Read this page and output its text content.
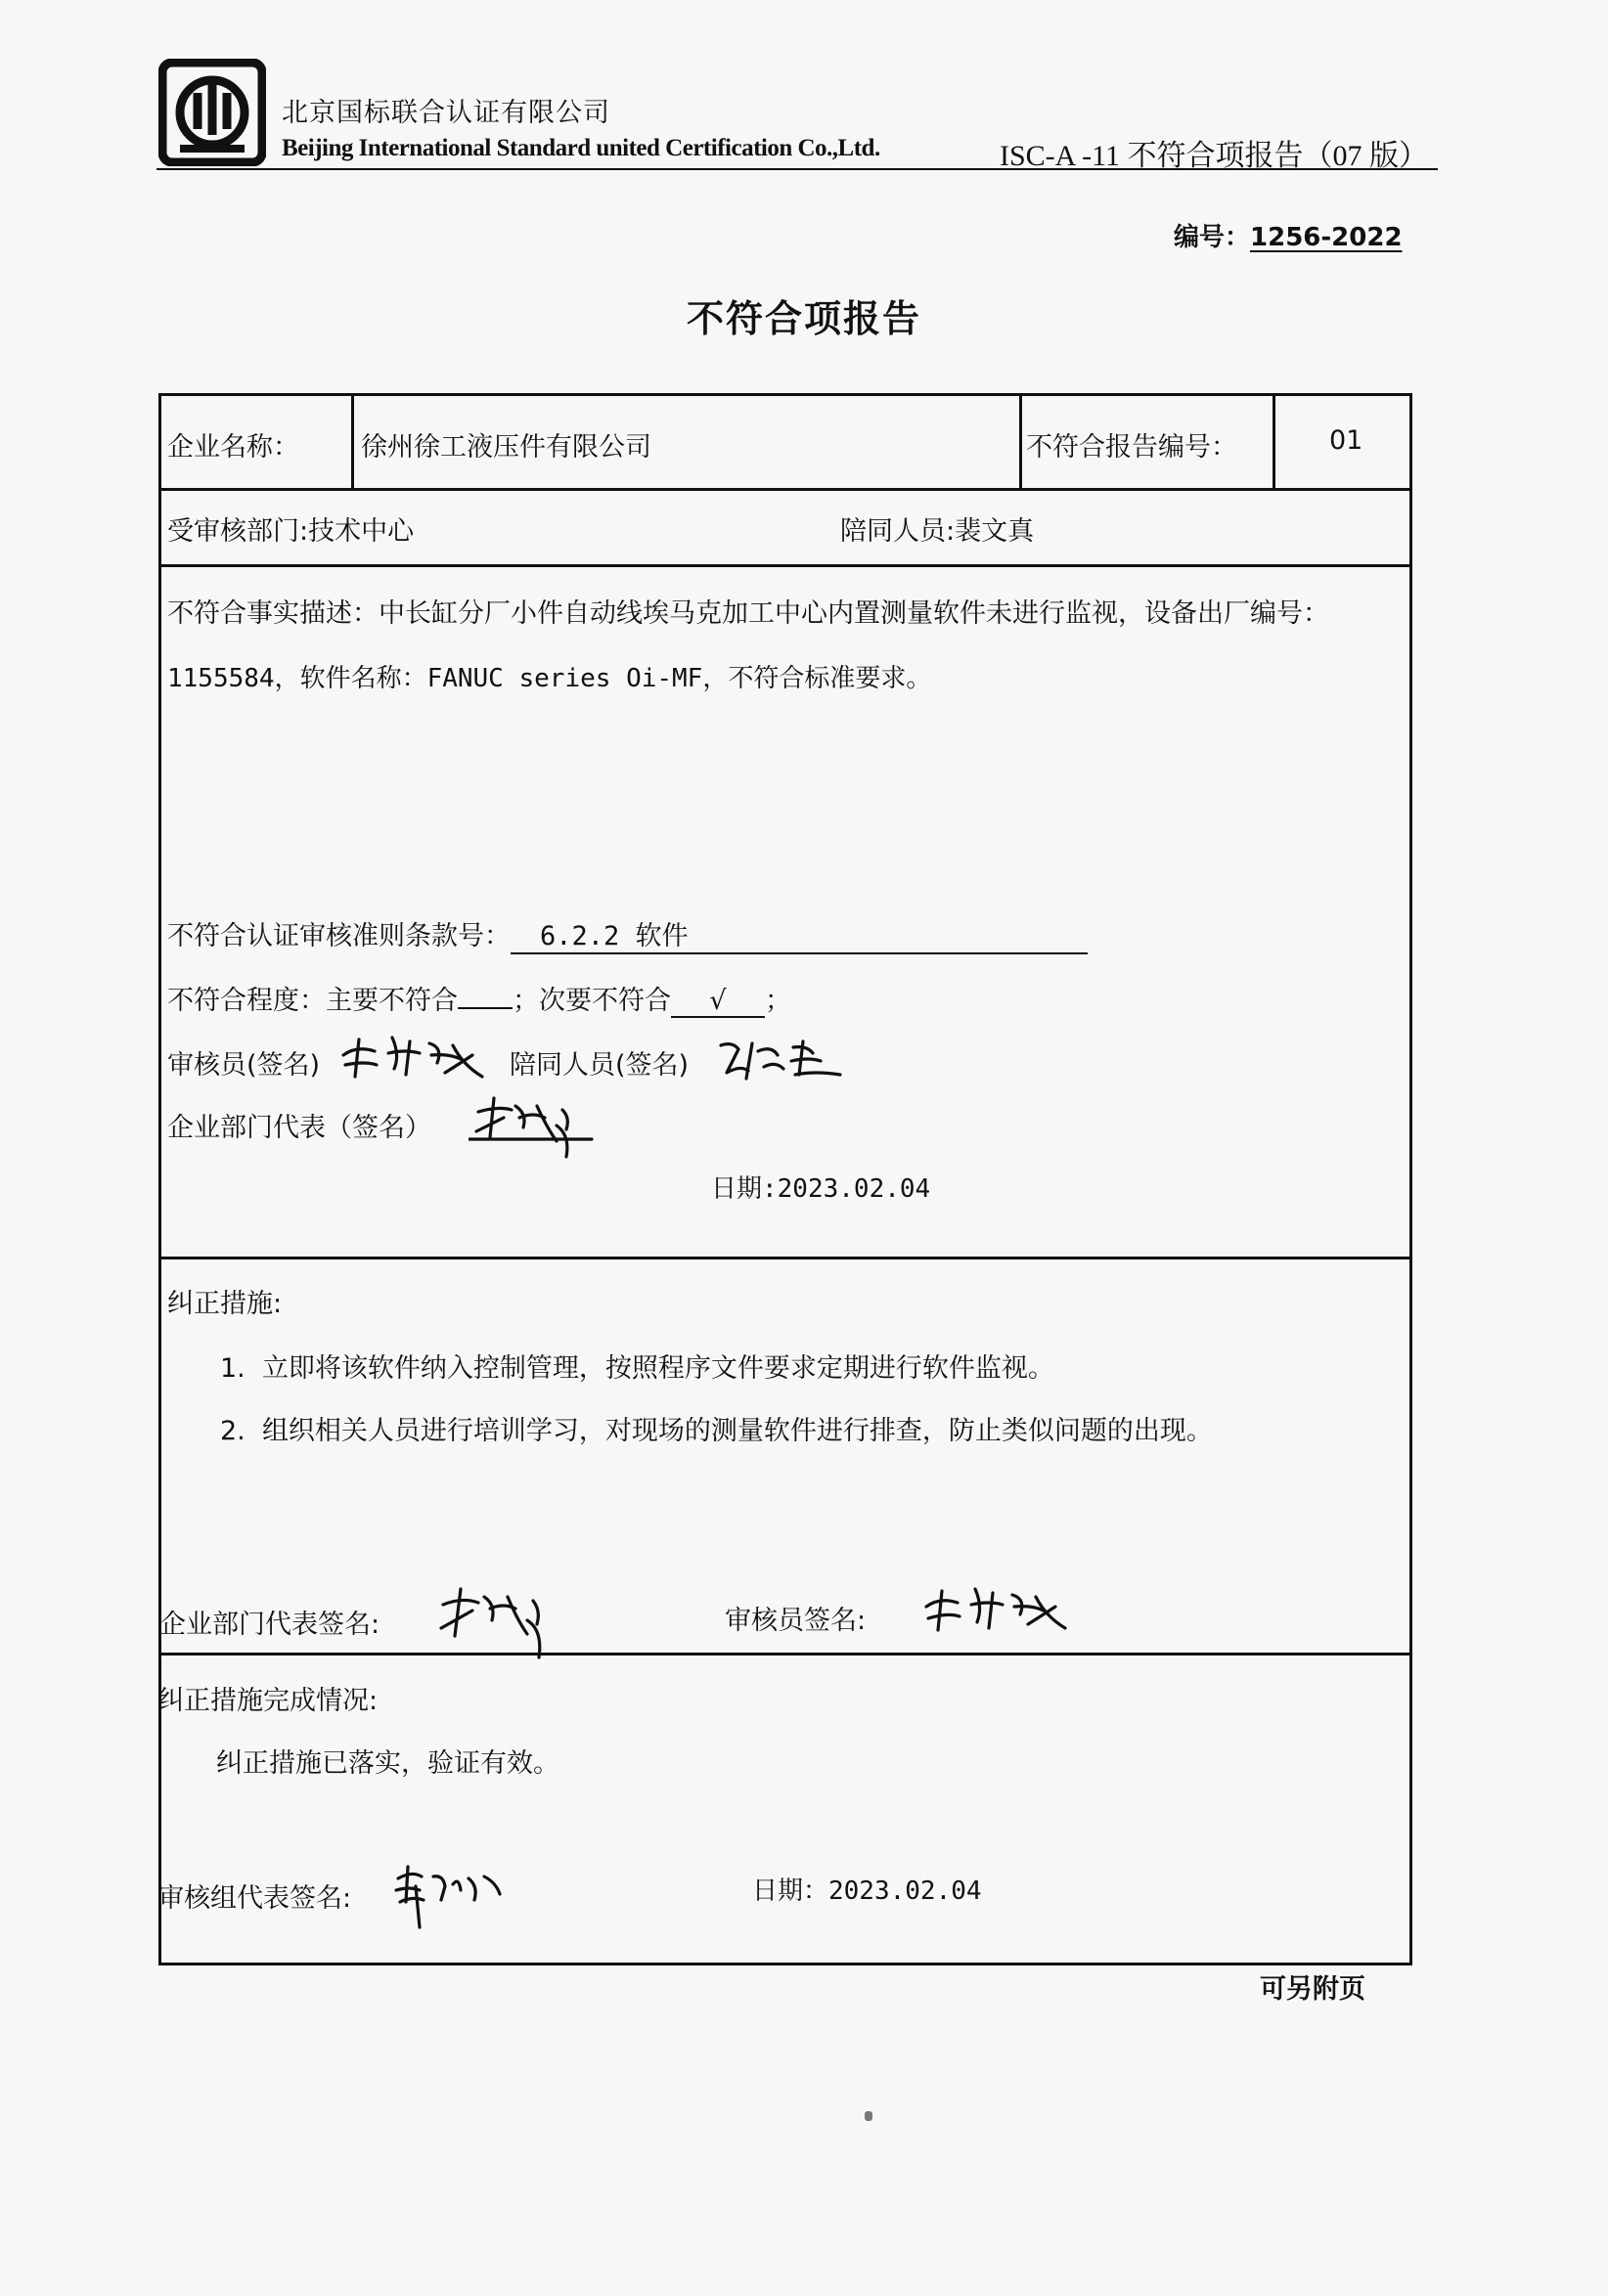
北京国标联合认证有限公司
Beijing International Standard united Certification Co.,Ltd.	ISC-A -11 不符合项报告（07 版）
编号：1256-2022
不符合项报告
企业名称： 徐州徐工液压件有限公司	不符合报告编号：	01
受审核部门:技术中心	陪同人员:裴文真
不符合事实描述：中长缸分厂小件自动线埃马克加工中心内置测量软件未进行监视，设备出厂编号：
1155584，软件名称：FANUC series Oi-MF，不符合标准要求。
不符合认证审核准则条款号： 6.2.2 软件
不符合程度：主要不符合 ；次要不符合 √ ；
审核员(签名)	陪同人员(签名)
企业部门代表（签名）
日期:2023.02.04
纠正措施:
1. 立即将该软件纳入控制管理，按照程序文件要求定期进行软件监视。
2. 组织相关人员进行培训学习，对现场的测量软件进行排查，防止类似问题的出现。
企业部门代表签名:	审核员签名:
纠正措施完成情况:
纠正措施已落实，验证有效。
审核组代表签名:	日期：2023.02.04
可另附页
